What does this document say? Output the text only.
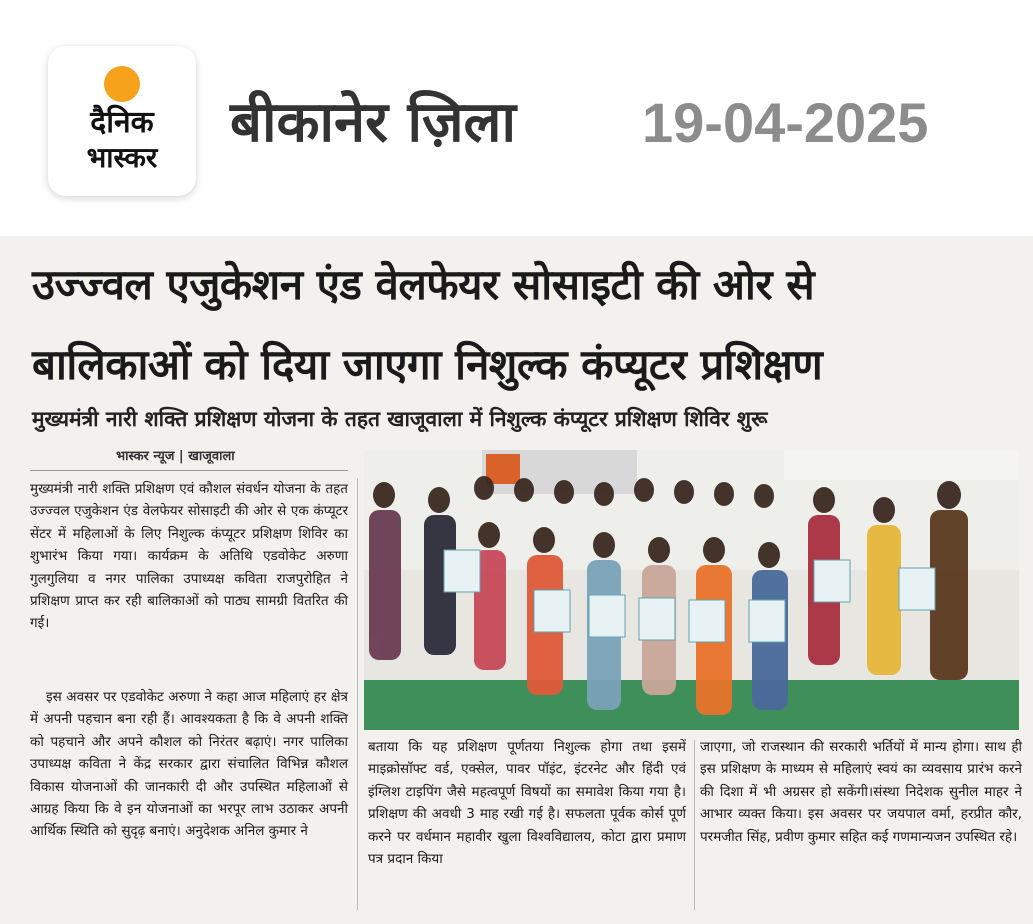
दैनिक
भास्कर
बीकानेर ज़िला 19-04-2025
उज्ज्वल एजुकेशन एंड वेलफेयर सोसाइटी की ओर से
बालिकाओं को दिया जाएगा निशुल्क कंप्यूटर प्रशिक्षण
मुख्यमंत्री नारी शक्ति प्रशिक्षण योजना के तहत खाजूवाला में निशुल्क कंप्यूटर प्रशिक्षण शिविर शुरू
भास्कर न्यूज | खाजूवाला
मुख्यमंत्री नारी शक्ति प्रशिक्षण एवं कौशल संवर्धन योजना के तहत उज्ज्वल एजुकेशन एंड वेलफेयर सोसाइटी की ओर से एक कंप्यूटर सेंटर में महिलाओं के लिए निशुल्क कंप्यूटर प्रशिक्षण शिविर का शुभारंभ किया गया। कार्यक्रम के अतिथि एडवोकेट अरुणा गुलगुलिया व नगर पालिका उपाध्यक्ष कविता राजपुरोहित ने प्रशिक्षण प्राप्त कर रही बालिकाओं को पाठ्य सामग्री वितरित की गई।
इस अवसर पर एडवोकेट अरुणा ने कहा आज महिलाएं हर क्षेत्र में अपनी पहचान बना रही हैं। आवश्यकता है कि वे अपनी शक्ति को पहचाने और अपने कौशल को निरंतर बढ़ाएं। नगर पालिका उपाध्यक्ष कविता ने केंद्र सरकार द्वारा संचालित विभिन्न कौशल विकास योजनाओं की जानकारी दी और उपस्थित महिलाओं से आग्रह किया कि वे इन योजनाओं का भरपूर लाभ उठाकर अपनी आर्थिक स्थिति को सुदृढ़ बनाएं। अनुदेशक अनिल कुमार ने
बताया कि यह प्रशिक्षण पूर्णतया निशुल्क होगा तथा इसमें माइक्रोसॉफ्ट वर्ड, एक्सेल, पावर पॉइंट, इंटरनेट और हिंदी एवं इंग्लिश टाइपिंग जैसे महत्वपूर्ण विषयों का समावेश किया गया है। प्रशिक्षण की अवधी 3 माह रखी गई है। सफलता पूर्वक कोर्स पूर्ण करने पर वर्धमान महावीर खुला विश्वविद्यालय, कोटा द्वारा प्रमाण पत्र प्रदान किया
जाएगा, जो राजस्थान की सरकारी भर्तियों में मान्य होगा। साथ ही इस प्रशिक्षण के माध्यम से महिलाएं स्वयं का व्यवसाय प्रारंभ करने की दिशा में भी अग्रसर हो सकेंगी।संस्था निदेशक सुनील माहर ने आभार व्यक्त किया। इस अवसर पर जयपाल वर्मा, हरप्रीत कौर, परमजीत सिंह, प्रवीण कुमार सहित कई गणमान्यजन उपस्थित रहे।
